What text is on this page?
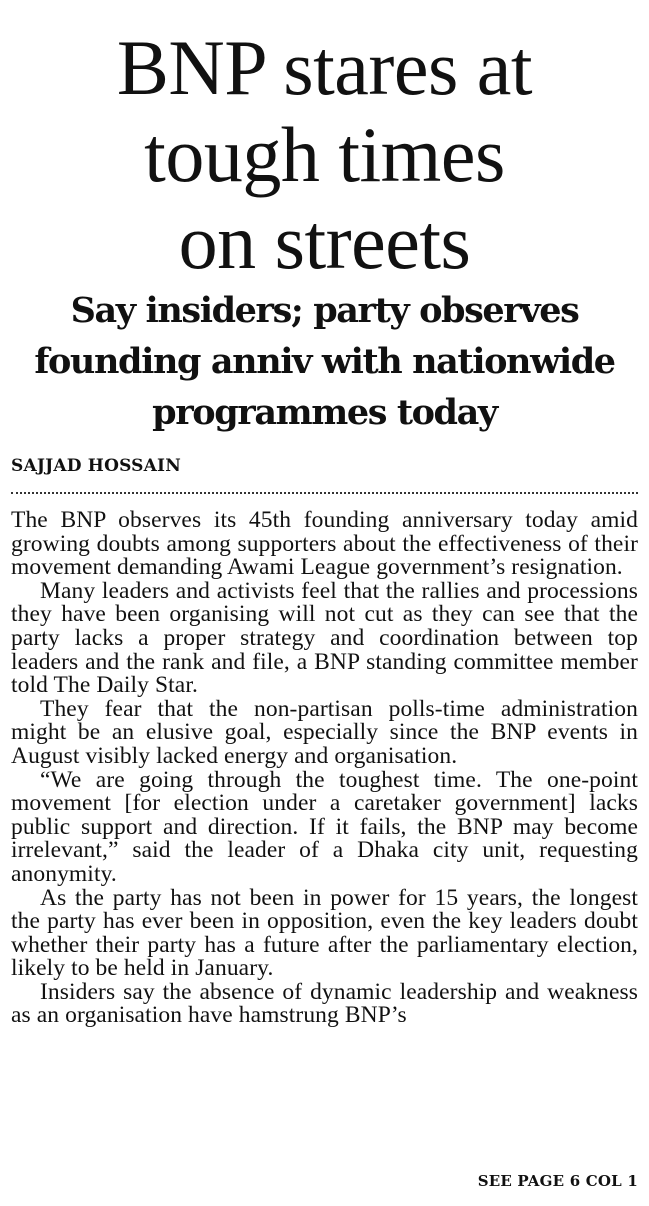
BNP stares at
tough times
on streets
Say insiders; party observes
founding anniv with nationwide
programmes today
SAJJAD HOSSAIN

The BNP observes its 45th founding anniversary today amid growing doubts among supporters about the effectiveness of their movement demanding Awami League government’s resignation.

Many leaders and activists feel that the rallies and processions they have been organising will not cut as they can see that the party lacks a proper strategy and coordination between top leaders and the rank and file, a BNP standing committee member told The Daily Star.

They fear that the non-partisan polls-time administration might be an elusive goal, especially since the BNP events in August visibly lacked energy and organisation.

“We are going through the toughest time. The one-point movement [for election under a caretaker government] lacks public support and direction. If it fails, the BNP may become irrelevant,” said the leader of a Dhaka city unit, requesting anonymity.

As the party has not been in power for 15 years, the longest the party has ever been in opposition, even the key leaders doubt whether their party has a future after the parliamentary election, likely to be held in January.

Insiders say the absence of dynamic leadership and weakness as an organisation have hamstrung BNP’s

SEE PAGE 6 COL 1
